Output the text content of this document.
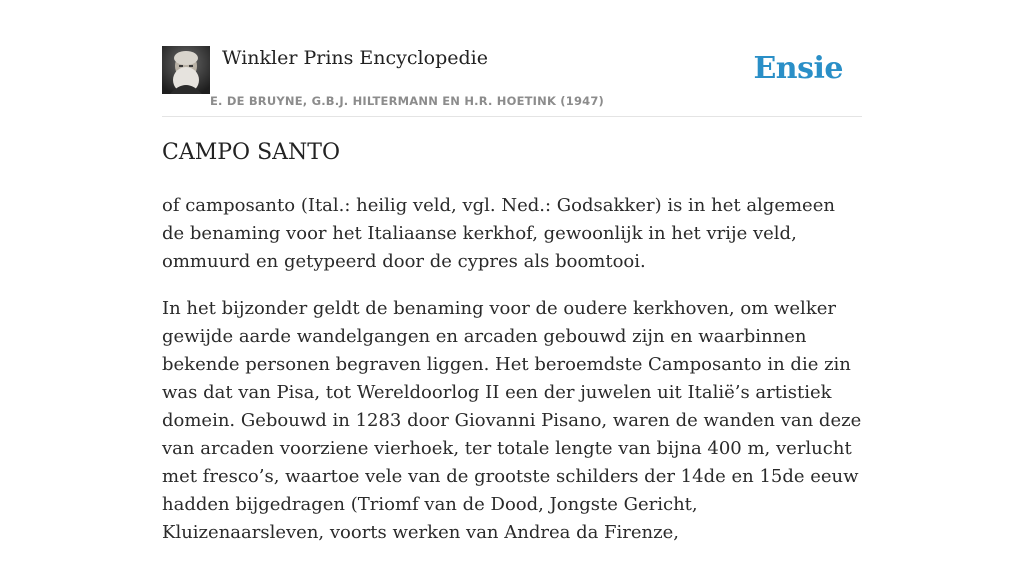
Winkler Prins Encyclopedie
E. DE BRUYNE, G.B.J. HILTERMANN EN H.R. HOETINK (1947)
Ensie
CAMPO SANTO

of camposanto (Ital.: heilig veld, vgl. Ned.: Godsakker) is in het algemeen de benaming voor het Italiaanse kerkhof, gewoonlijk in het vrije veld, ommuurd en getypeerd door de cypres als boomtooi.

In het bijzonder geldt de benaming voor de oudere kerkhoven, om welker gewijde aarde wandelgangen en arcaden gebouwd zijn en waarbinnen bekende personen begraven liggen. Het beroemdste Camposanto in die zin was dat van Pisa, tot Wereldoorlog II een der juwelen uit Italië’s artistiek domein. Gebouwd in 1283 door Giovanni Pisano, waren de wanden van deze van arcaden voorziene vierhoek, ter totale lengte van bijna 400 m, verlucht met fresco’s, waartoe vele van de grootste schilders der 14de en 15de eeuw hadden bijgedragen (Triomf van de Dood, Jongste Gericht, Kluizenaarsleven, voorts werken van Andrea da Firenze,
